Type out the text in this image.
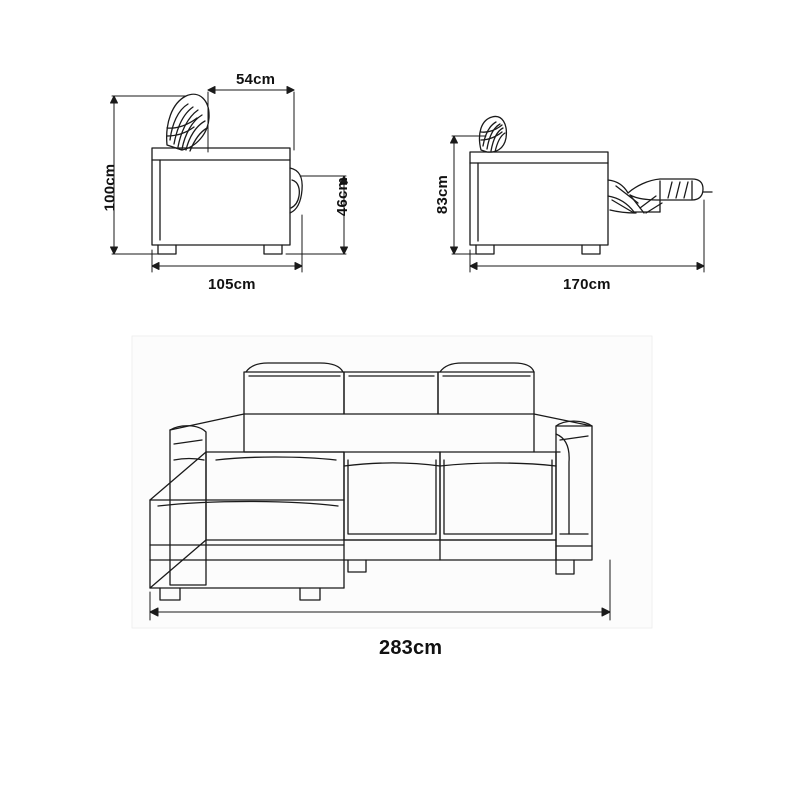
54cm
100cm	46cm
105cm
83cm
170cm
283cm
